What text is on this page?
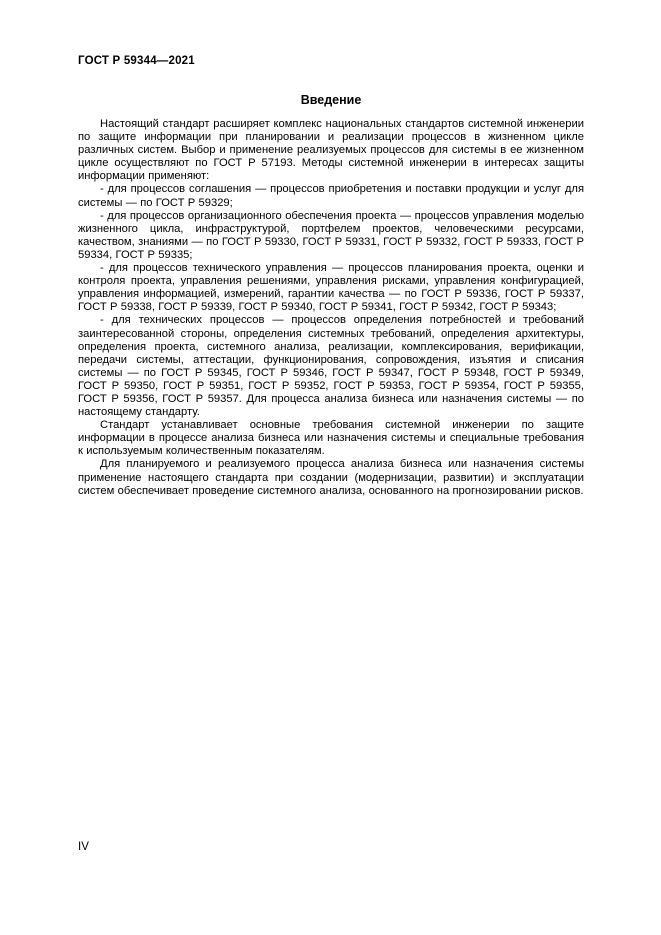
ГОСТ Р 59344—2021
Введение

Настоящий стандарт расширяет комплекс национальных стандартов системной инженерии по защите информации при планировании и реализации процессов в жизненном цикле различных систем. Выбор и применение реализуемых процессов для системы в ее жизненном цикле осуществляют по ГОСТ Р 57193. Методы системной инженерии в интересах защиты информации применяют:

- для процессов соглашения — процессов приобретения и поставки продукции и услуг для системы — по ГОСТ Р 59329;

- для процессов организационного обеспечения проекта — процессов управления моделью жизненного цикла, инфраструктурой, портфелем проектов, человеческими ресурсами, качеством, знаниями — по ГОСТ Р 59330, ГОСТ Р 59331, ГОСТ Р 59332, ГОСТ Р 59333, ГОСТ Р 59334, ГОСТ Р 59335;

- для процессов технического управления — процессов планирования проекта, оценки и контроля проекта, управления решениями, управления рисками, управления конфигурацией, управления информацией, измерений, гарантии качества — по ГОСТ Р 59336, ГОСТ Р 59337, ГОСТ Р 59338, ГОСТ Р 59339, ГОСТ Р 59340, ГОСТ Р 59341, ГОСТ Р 59342, ГОСТ Р 59343;

- для технических процессов — процессов определения потребностей и требований заинтересованной стороны, определения системных требований, определения архитектуры, определения проекта, системного анализа, реализации, комплексирования, верификации, передачи системы, аттестации, функционирования, сопровождения, изъятия и списания системы — по ГОСТ Р 59345, ГОСТ Р 59346, ГОСТ Р 59347, ГОСТ Р 59348, ГОСТ Р 59349, ГОСТ Р 59350, ГОСТ Р 59351, ГОСТ Р 59352, ГОСТ Р 59353, ГОСТ Р 59354, ГОСТ Р 59355, ГОСТ Р 59356, ГОСТ Р 59357. Для процесса анализа бизнеса или назначения системы — по настоящему стандарту.

Стандарт устанавливает основные требования системной инженерии по защите информации в процессе анализа бизнеса или назначения системы и специальные требования к используемым количественным показателям.

Для планируемого и реализуемого процесса анализа бизнеса или назначения системы применение настоящего стандарта при создании (модернизации, развитии) и эксплуатации систем обеспечивает проведение системного анализа, основанного на прогнозировании рисков.

IV
